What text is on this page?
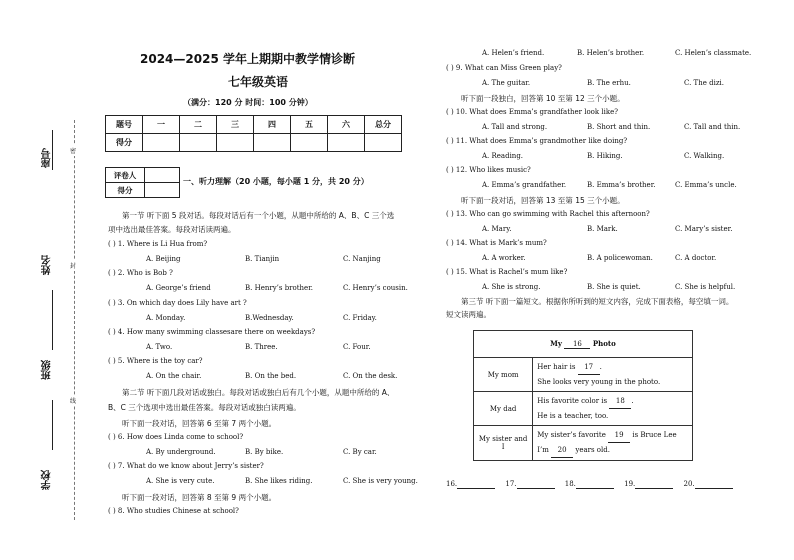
座号
姓名
班级
学校
密
封
线
2024—2025 学年上期期中教学情诊断
七年级英语
（满分：120 分 时间：100 分钟）
题号	一	二	三	四	五	六	总分
得分							
评卷人	
得分	
一、听力理解（20 小题，每小题 1 分，共 20 分）
第一节 听下面 5 段对话。每段对话后有一个小题，从题中所给的 A、B、C 三个选
项中选出最佳答案。每段对话读两遍。
( ) 1. Where is Li Hua from?
A. Beijing	B. Tianjin	C. Nanjing
( ) 2. Who is Bob ?
A. George’s friend	B. Henry’s brother.	C. Henry’s cousin.
( ) 3. On which day does Lily have art ?
A. Monday.	B.Wednesday.	C. Friday.
( ) 4. How many swimming classesare there on weekdays?
A. Two.	B. Three.	C. Four.
( ) 5. Where is the toy car?
A. On the chair.	B. On the bed.	C. On the desk.
第二节 听下面几段对话或独白。每段对话或独白后有几个小题，从题中所给的 A、
B、C 三个选项中选出最佳答案。每段对话或独白读两遍。
听下面一段对话，回答第 6 至第 7 两个小题。
( ) 6. How does Linda come to school?
A. By underground.	B. By bike.	C. By car.
( ) 7. What do we know about Jerry’s sister?
A. She is very cute.	B. She likes riding.	C. She is very young.
听下面一段对话，回答第 8 至第 9 两个小题。
( ) 8. Who studies Chinese at school?
A. Helen’s friend.	B. Helen’s brother.	C. Helen’s classmate.
( ) 9. What can Miss Green play?
A. The guitar.	B. The erhu.	C. The dizi.
听下面一段独白，回答第 10 至第 12 三个小题。
( ) 10. What does Emma’s grandfather look like?
A. Tall and strong.	B. Short and thin.	C. Tall and thin.
( ) 11. What does Emma’s grandmother like doing?
A. Reading.	B. Hiking.	C. Walking.
( ) 12. Who likes music?
A. Emma’s grandfather.	B. Emma’s brother.	C. Emma’s uncle.
听下面一段对话，回答第 13 至第 15 三个小题。
( ) 13. Who can go swimming with Rachel this afternoon?
A. Mary.	B. Mark.	C. Mary’s sister.
( ) 14. What is Mark’s mum?
A. A worker.	B. A policewoman.	C. A doctor.
( ) 15. What is Rachel’s mum like?
A. She is strong.	B. She is quiet.	C. She is helpful.
第三节 听下面一篇短文。根据你所听到的短文内容，完成下面表格，每空填一词。
短文读两遍。
My 16 Photo	
My mom	Her hair is 17 .
She looks very young in the photo.

My dad	His favorite color is 18 .
He is a teacher, too.

My sister and I	My sister’s favorite 19 is Bruce Lee
I’m 20 years old.
16.	17.	18.	19.	20.
